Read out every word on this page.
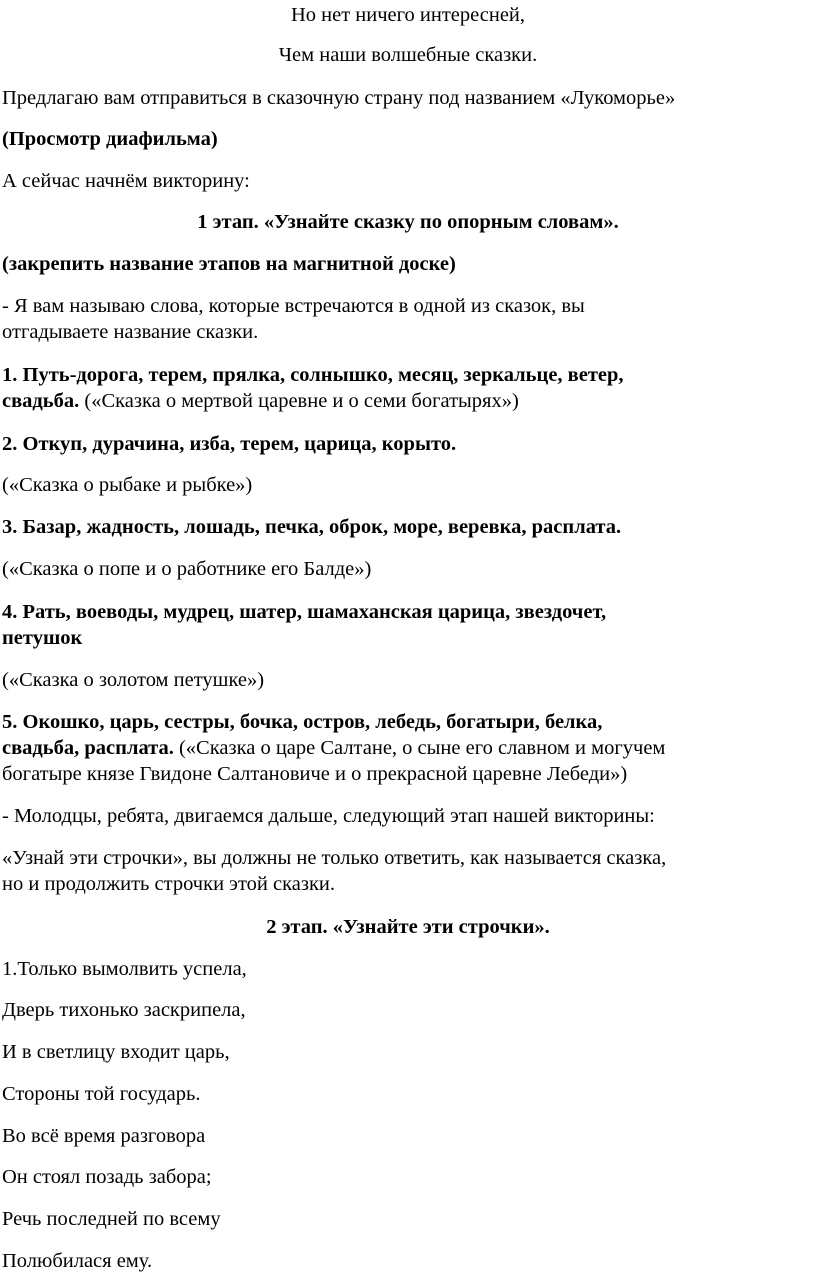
Но нет ничего интересней,
Чем наши волшебные сказки.
Предлагаю вам отправиться в сказочную страну под названием «Лукоморье»
(Просмотр диафильма)
А сейчас начнём викторину:
1 этап. «Узнайте сказку по опорным словам».
(закрепить название этапов на магнитной доске)
- Я вам называю слова, которые встречаются в одной из сказок, вы
отгадываете название сказки.
1. Путь-дорога, терем, прялка, солнышко, месяц, зеркальце, ветер,
свадьба. («Сказка о мертвой царевне и о семи богатырях»)
2. Откуп, дурачина, изба, терем, царица, корыто.
(«Сказка о рыбаке и рыбке»)
3. Базар, жадность, лошадь, печка, оброк, море, веревка, расплата.
(«Сказка о попе и о работнике его Балде»)
4. Рать, воеводы, мудрец, шатер, шамаханская царица, звездочет,
петушок
(«Сказка о золотом петушке»)
5. Окошко, царь, сестры, бочка, остров, лебедь, богатыри, белка,
свадьба, расплата. («Сказка о царе Салтане, о сыне его славном и могучем
богатыре князе Гвидоне Салтановиче и о прекрасной царевне Лебеди»)
- Молодцы, ребята, двигаемся дальше, следующий этап нашей викторины:
«Узнай эти строчки», вы должны не только ответить, как называется сказка,
но и продолжить строчки этой сказки.
2 этап. «Узнайте эти строчки».
1.Только вымолвить успела,
Дверь тихонько заскрипела,
И в светлицу входит царь,
Стороны той государь.
Во всё время разговора
Он стоял позадь забора;
Речь последней по всему
Полюбилася ему.
